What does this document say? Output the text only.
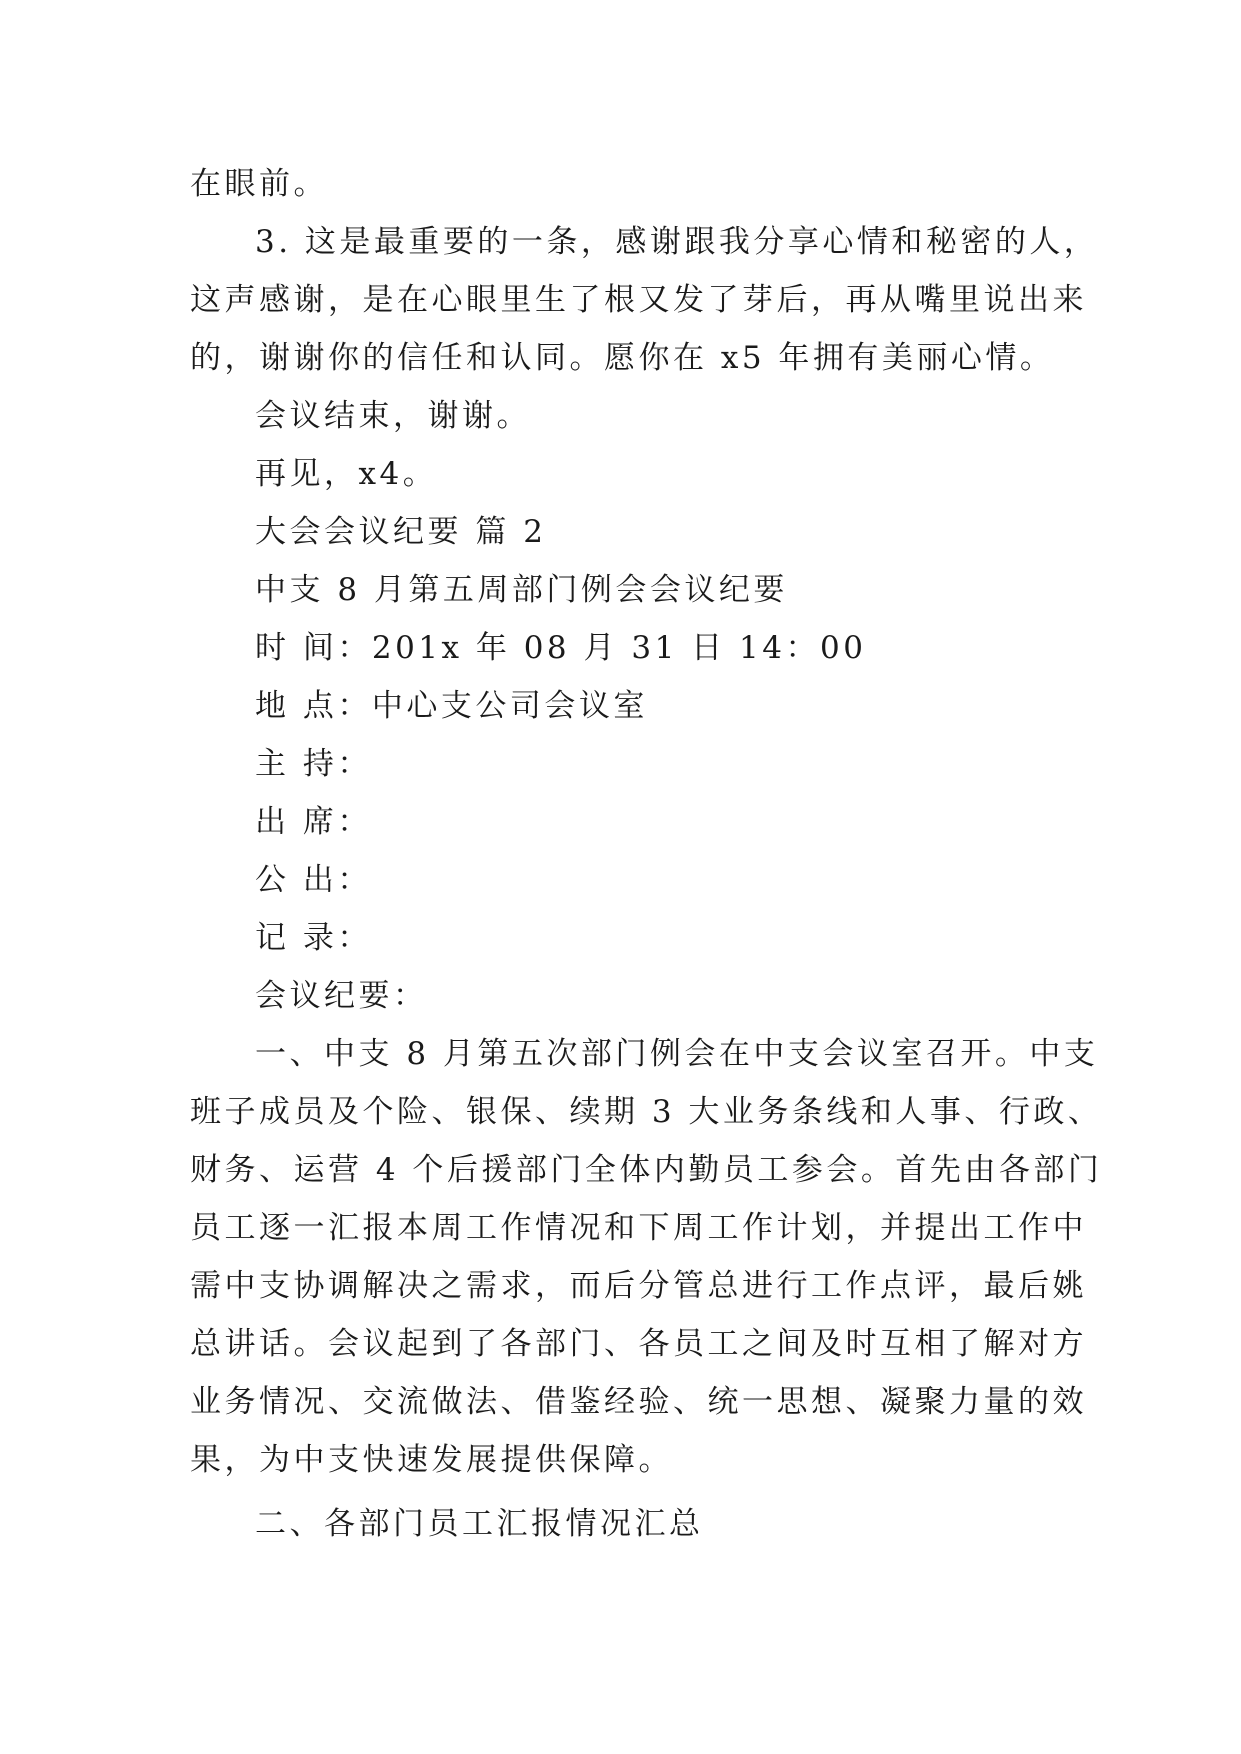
在眼前。
3. 这是最重要的一条，感谢跟我分享心情和秘密的人，
这声感谢，是在心眼里生了根又发了芽后，再从嘴里说出来
的，谢谢你的信任和认同。愿你在 x5 年拥有美丽心情。
会议结束，谢谢。
再见，x4。
大会会议纪要 篇 2
中支 8 月第五周部门例会会议纪要
时 间：201x 年 08 月 31 日 14：00
地 点：中心支公司会议室
主 持：
出 席：
公 出：
记 录：
会议纪要：
一、中支 8 月第五次部门例会在中支会议室召开。中支
班子成员及个险、银保、续期 3 大业务条线和人事、行政、
财务、运营 4 个后援部门全体内勤员工参会。首先由各部门
员工逐一汇报本周工作情况和下周工作计划，并提出工作中
需中支协调解决之需求，而后分管总进行工作点评，最后姚
总讲话。会议起到了各部门、各员工之间及时互相了解对方
业务情况、交流做法、借鉴经验、统一思想、凝聚力量的效
果，为中支快速发展提供保障。
二、各部门员工汇报情况汇总
